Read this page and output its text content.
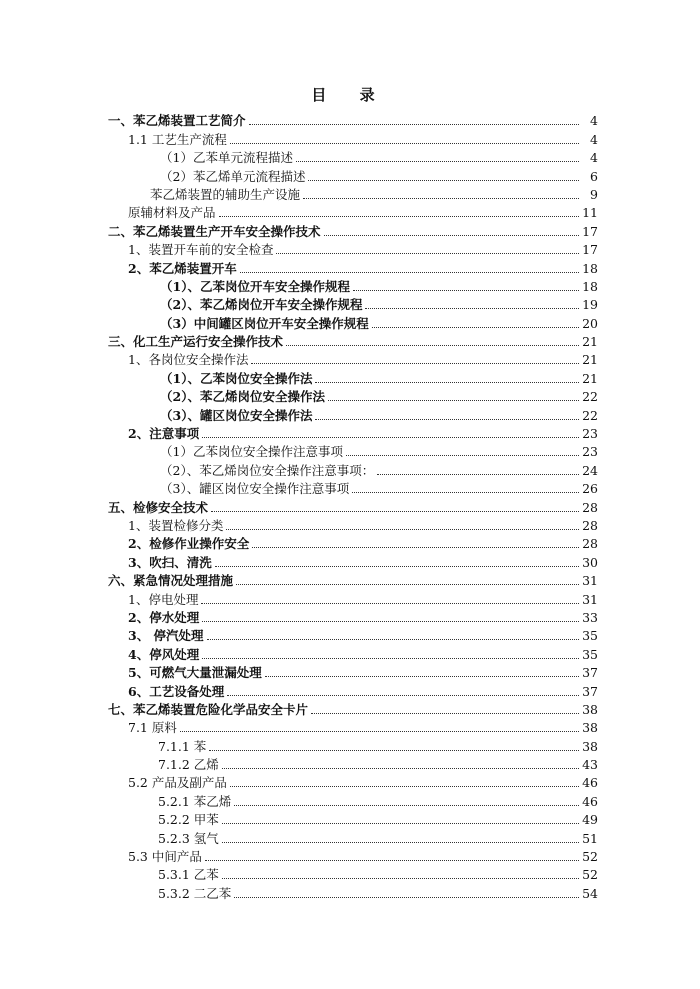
目 录
一、苯乙烯装置工艺简介	4
1.1 工艺生产流程	4
（1）乙苯单元流程描述	4
（2）苯乙烯单元流程描述	6
苯乙烯装置的辅助生产设施	9
原辅材料及产品	11
二、苯乙烯装置生产开车安全操作技术	17
1、装置开车前的安全检查	17
2、苯乙烯装置开车	18
（1）、乙苯岗位开车安全操作规程	18
（2）、苯乙烯岗位开车安全操作规程	19
（3）中间罐区岗位开车安全操作规程	20
三、化工生产运行安全操作技术	21
1、各岗位安全操作法	21
（1）、乙苯岗位安全操作法	21
（2）、苯乙烯岗位安全操作法	22
（3）、罐区岗位安全操作法	22
2、注意事项	23
（1）乙苯岗位安全操作注意事项	23
（2）、苯乙烯岗位安全操作注意事项：	24
（3）、罐区岗位安全操作注意事项	26
五、检修安全技术	28
1、装置检修分类	28
2、检修作业操作安全	28
3、吹扫、清洗	30
六、紧急情况处理措施	31
1、停电处理	31
2、停水处理	33
3、 停汽处理	35
4、停风处理	35
5、可燃气大量泄漏处理	37
6、工艺设备处理	37
七、苯乙烯装置危险化学品安全卡片	38
7.1 原料	38
7.1.1 苯	38
7.1.2 乙烯	43
5.2 产品及副产品	46
5.2.1 苯乙烯	46
5.2.2 甲苯	49
5.2.3 氢气	51
5.3 中间产品	52
5.3.1 乙苯	52
5.3.2 二乙苯	54
